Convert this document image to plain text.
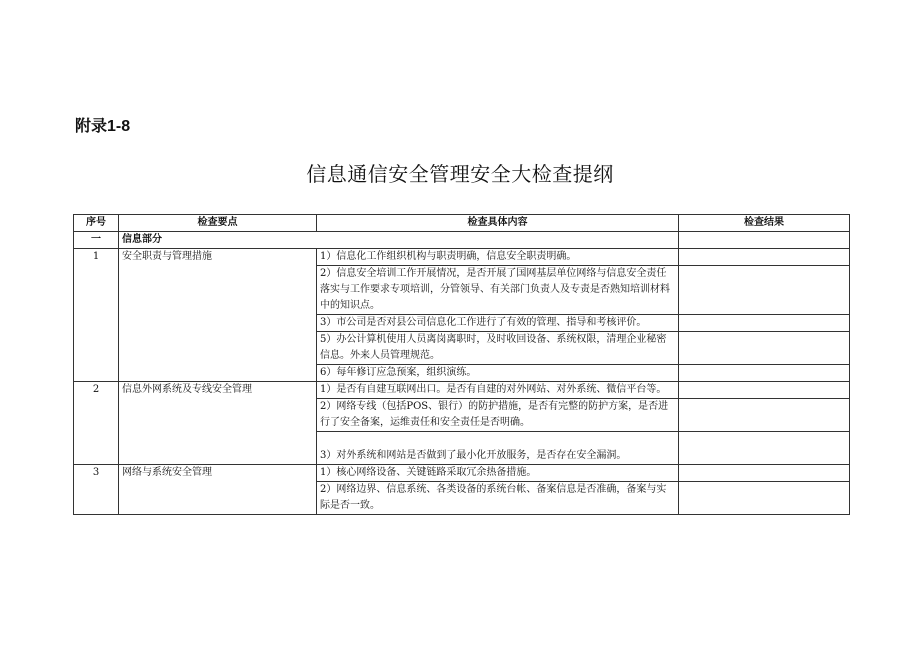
附录1-8
信息通信安全管理安全大检查提纲
序号	检查要点	检查具体内容	检查结果
一	信息部分		
1	安全职责与管理措施	1）信息化工作组织机构与职责明确，信息安全职责明确。	
		2）信息安全培训工作开展情况，是否开展了国网基层单位网络与信息安全责任落实与工作要求专项培训，分管领导、有关部门负责人及专责是否熟知培训材料中的知识点。	
		3）市公司是否对县公司信息化工作进行了有效的管理、指导和考核评价。	
		5）办公计算机使用人员离岗离职时，及时收回设备、系统权限，清理企业秘密信息。外来人员管理规范。	
		6）每年修订应急预案，组织演练。	
2	信息外网系统及专线安全管理	1）是否有自建互联网出口。是否有自建的对外网站、对外系统、微信平台等。	
		2）网络专线（包括POS、银行）的防护措施，是否有完整的防护方案，是否进行了安全备案，运维责任和安全责任是否明确。	
		3）对外系统和网站是否做到了最小化开放服务，是否存在安全漏洞。	
3	网络与系统安全管理	1）核心网络设备、关键链路采取冗余热备措施。	
		2）网络边界、信息系统、各类设备的系统台帐、备案信息是否准确，备案与实际是否一致。	
